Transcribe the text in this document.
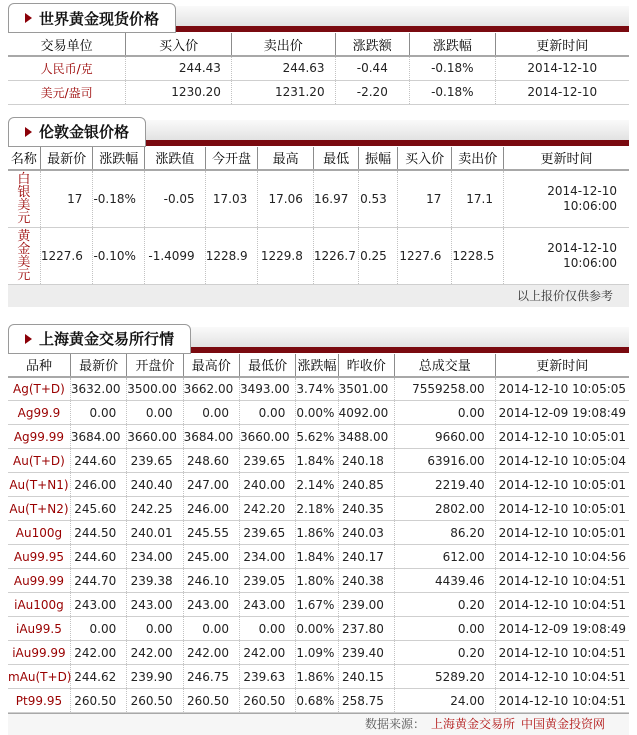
世界黄金现货价格
交易单位	买入价	卖出价	涨跌额	涨跌幅	更新时间
人民币/克	244.43	244.63	-0.44	-0.18%	2014-12-10
美元/盎司	1230.20	1231.20	-2.20	-0.18%	2014-12-10
伦敦金银价格
名称	最新价	涨跌幅	涨跌值	今开盘	最高	最低	振幅	买入价	卖出价	更新时间
白银美元	17	-0.18%	-0.05	17.03	17.06	16.97	0.53	17	17.1	2014-12-10 10:06:00
黄金美元	1227.6	-0.10%	-1.4099	1228.9	1229.8	1226.7	0.25	1227.6	1228.5	2014-12-10 10:06:00
以上报价仅供参考
上海黄金交易所行情
品种	最新价	开盘价	最高价	最低价	涨跌幅	昨收价	总成交量	更新时间
Ag(T+D)	3632.00	3500.00	3662.00	3493.00	3.74%	3501.00	7559258.00	2014-12-10 10:05:05
Ag99.9	0.00	0.00	0.00	0.00	0.00%	4092.00	0.00	2014-12-09 19:08:49
Ag99.99	3684.00	3660.00	3684.00	3660.00	5.62%	3488.00	9660.00	2014-12-10 10:05:01
Au(T+D)	244.60	239.65	248.60	239.65	1.84%	240.18	63916.00	2014-12-10 10:05:04
Au(T+N1)	246.00	240.40	247.00	240.00	2.14%	240.85	2219.40	2014-12-10 10:05:01
Au(T+N2)	245.60	242.25	246.00	242.20	2.18%	240.35	2802.00	2014-12-10 10:05:01
Au100g	244.50	240.01	245.55	239.65	1.86%	240.03	86.20	2014-12-10 10:05:01
Au99.95	244.60	234.00	245.00	234.00	1.84%	240.17	612.00	2014-12-10 10:04:56
Au99.99	244.70	239.38	246.10	239.05	1.80%	240.38	4439.46	2014-12-10 10:04:51
iAu100g	243.00	243.00	243.00	243.00	1.67%	239.00	0.20	2014-12-10 10:04:51
iAu99.5	0.00	0.00	0.00	0.00	0.00%	237.80	0.00	2014-12-09 19:08:49
iAu99.99	242.00	242.00	242.00	242.00	1.09%	239.40	0.20	2014-12-10 10:04:51
mAu(T+D)	244.62	239.90	246.75	239.63	1.86%	240.15	5289.20	2014-12-10 10:04:51
Pt99.95	260.50	260.50	260.50	260.50	0.68%	258.75	24.00	2014-12-10 10:04:51
数据来源： 上海黄金交易所 中国黄金投资网
